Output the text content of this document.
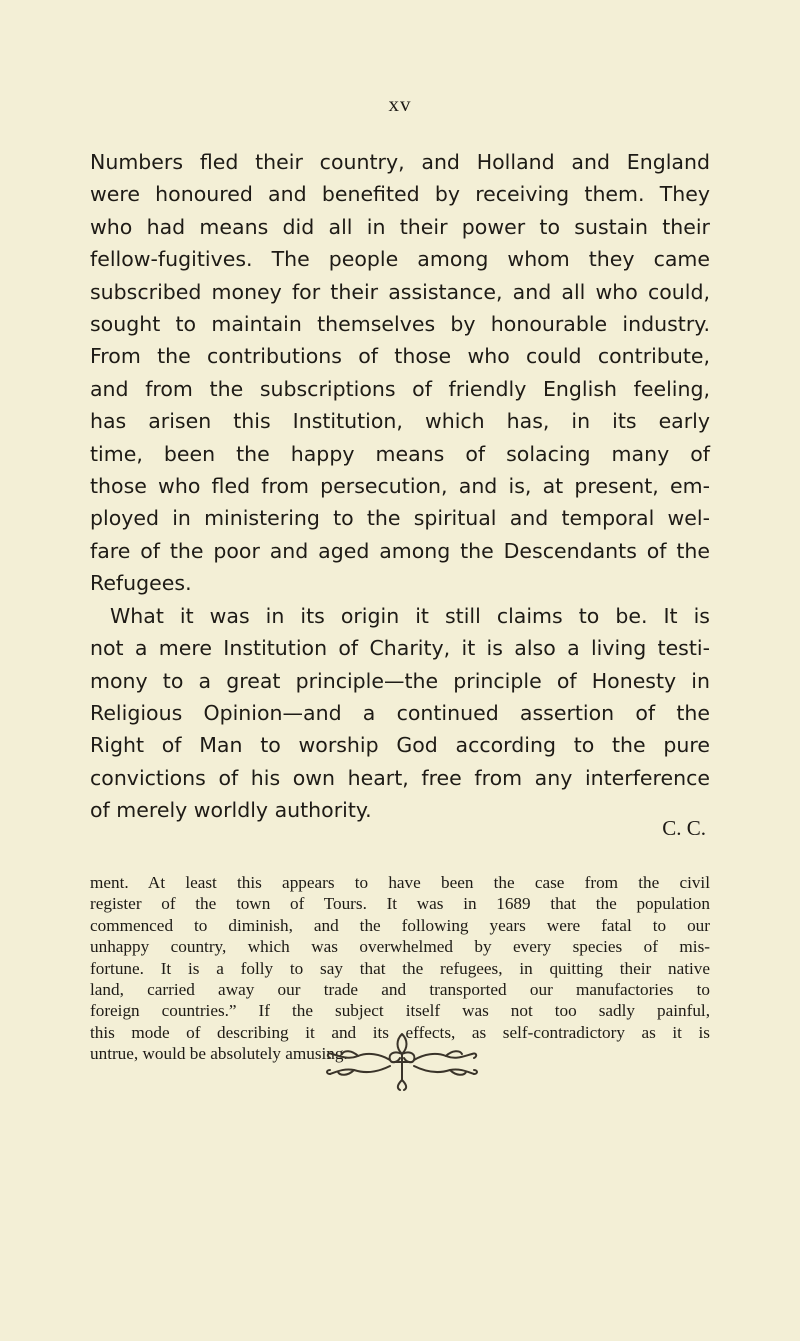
xv
Numbers fled their country, and Holland and England
were honoured and benefited by receiving them. They
who had means did all in their power to sustain their
fellow-fugitives. The people among whom they came
subscribed money for their assistance, and all who could,
sought to maintain themselves by honourable industry.
From the contributions of those who could contribute,
and from the subscriptions of friendly English feeling,
has arisen this Institution, which has, in its early
time, been the happy means of solacing many of
those who fled from persecution, and is, at present, em-
ployed in ministering to the spiritual and temporal wel-
fare of the poor and aged among the Descendants of the
Refugees.
What it was in its origin it still claims to be. It is
not a mere Institution of Charity, it is also a living testi-
mony to a great principle—the principle of Honesty in
Religious Opinion—and a continued assertion of the
Right of Man to worship God according to the pure
convictions of his own heart, free from any interference
of merely worldly authority.
C. C.
ment. At least this appears to have been the case from the civil
register of the town of Tours. It was in 1689 that the population
commenced to diminish, and the following years were fatal to our
unhappy country, which was overwhelmed by every species of mis-
fortune. It is a folly to say that the refugees, in quitting their native
land, carried away our trade and transported our manufactories to
foreign countries.” If the subject itself was not too sadly painful,
this mode of describing it and its effects, as self-contradictory as it is
untrue, would be absolutely amusing.
